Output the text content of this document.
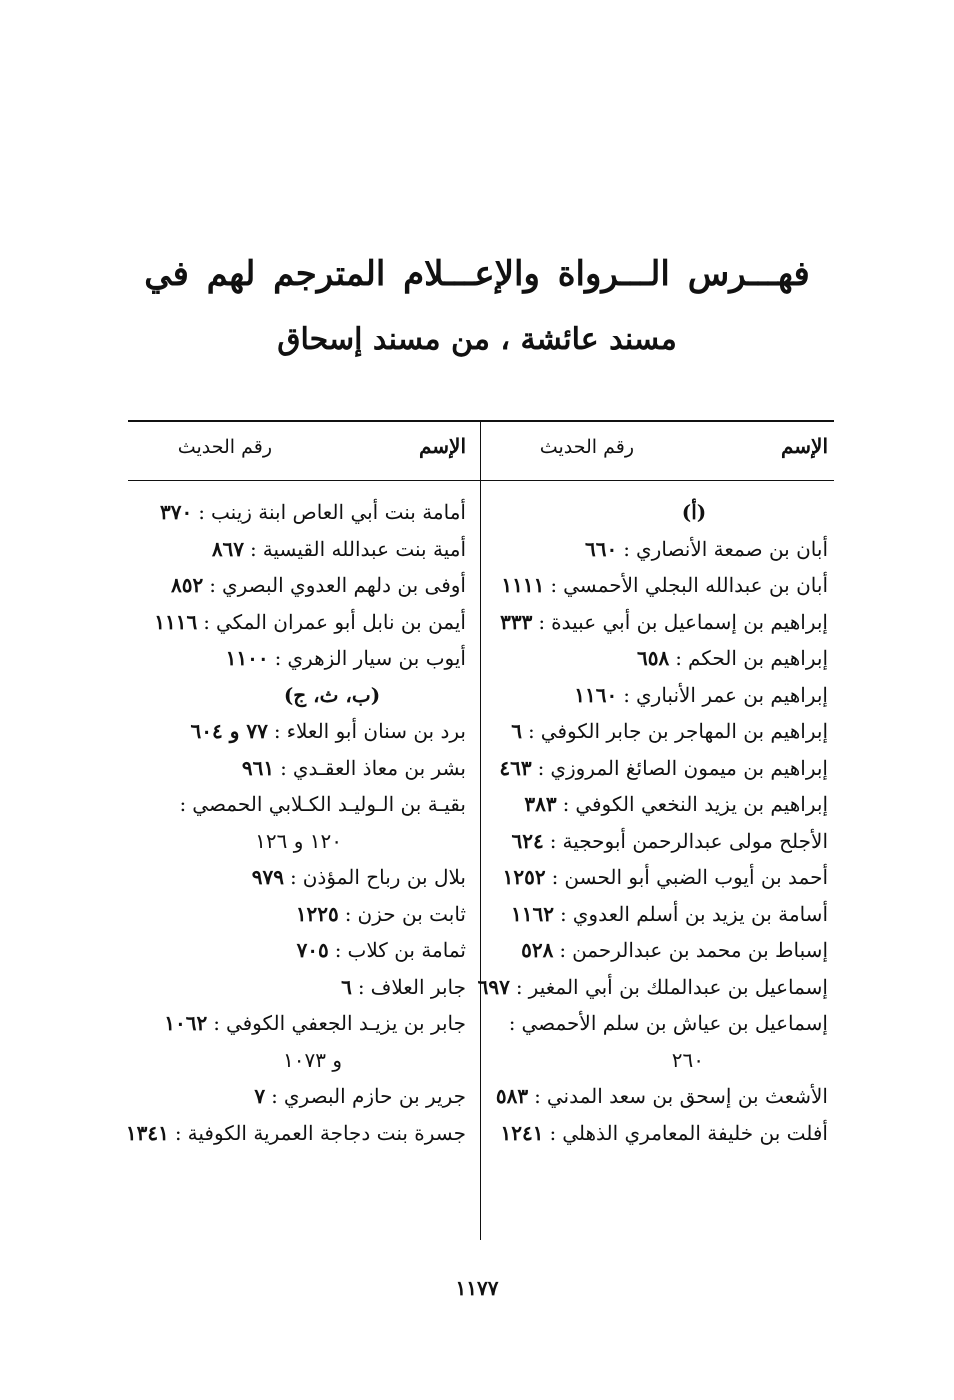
فهـــرس الـــرواة والإعـــلام المترجم لهم في
مسند عائشة ، من مسند إسحاق
الإسم
رقم الحديث
(أ)
أبان بن صمعة الأنصاري:٦٦٠
أبان بن عبدالله البجلي الأحمسي:١١١١
إبراهيم بن إسماعيل بن أبي عبيدة:٣٣٣
إبراهيم بن الحكم:٦٥٨
إبراهيم بن عمر الأنباري:١١٦٠
إبراهيم بن المهاجر بن جابر الكوفي:٦
إبراهيم بن ميمون الصائغ المروزي:٤٦٣
إبراهيم بن يزيد النخعي الكوفي:٣٨٣
الأجلح مولى عبدالرحمن أبوحجية:٦٢٤
أحمد بن أيوب الضبي أبو الحسن:١٢٥٢
أسامة بن يزيد بن أسلم العدوي:١١٦٢
إسباط بن محمد بن عبدالرحمن:٥٢٨
إسماعيل بن عبدالملك بن أبي المغير:٦٩٧
إسماعيل بن عياش بن سلم الأحمصي:
٢٦٠
الأشعث بن إسحق بن سعد المدني:٥٨٣
أفلت بن خليفة المعامري الذهلي:١٢٤١
الإسم
رقم الحديث
أمامة بنت أبي العاص ابنة زينب:٣٧٠
أمية بنت عبدالله القيسية:٨٦٧
أوفى بن دلهم العدوي البصري:٨٥٢
أيمن بن نابل أبو عمران المكي:١١١٦
أيوب بن سيار الزهري:١١٠٠
(ب، ث، ج)
برد بن سنان أبو العلاء:٧٧ و ٦٠٤
بشر بن معاذ العقـدي:٩٦١
بقيـة بن الـوليـد الكـلابي الحمصي:
١٢٠ و ١٢٦
بلال بن رباح المؤذن:٩٧٩
ثابت بن حزن:١٢٢٥
ثمامة بن كلاب:٧٠٥
جابر العلاف:٦
جابر بن يزيـد الجعفي الكوفي:١٠٦٢
و ١٠٧٣
جرير بن حازم البصري:٧
جسرة بنت دجاجة العمرية الكوفية:١٣٤١
١١٧٧
